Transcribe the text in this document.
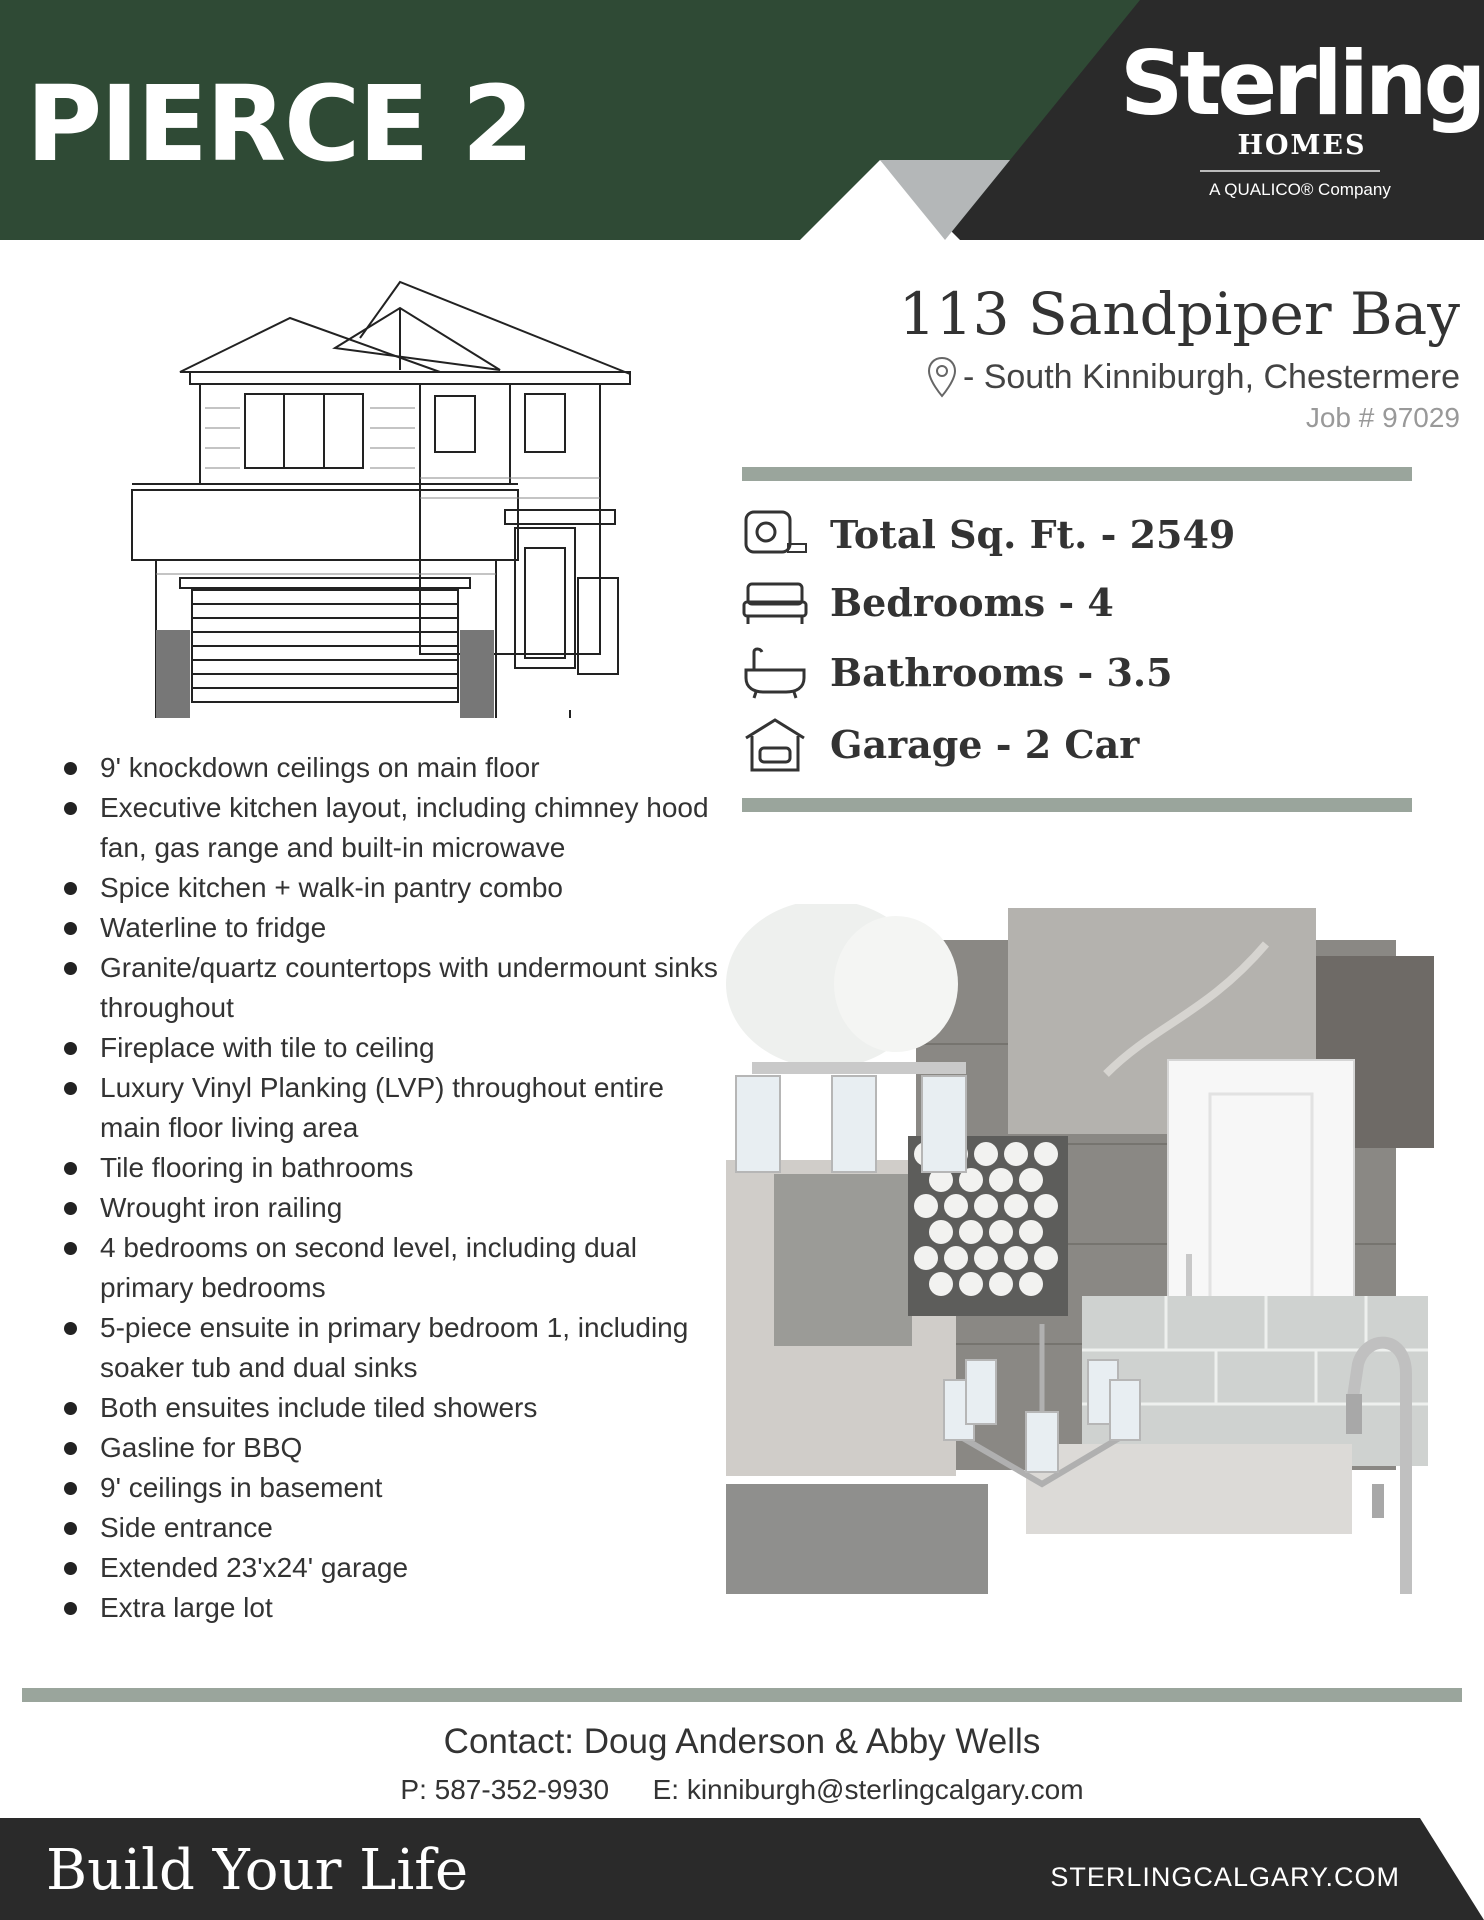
PIERCE 2	Sterling
HOMES
A QUALICO® Company
113 Sandpiper Bay
- South Kinniburgh, Chestermere
Job # 97029
Total Sq. Ft. - 2549
Bedrooms - 4
Bathrooms - 3.5
Garage - 2 Car
9' knockdown ceilings on main floor
Executive kitchen layout, including chimney hood fan, gas range and built-in microwave
Spice kitchen + walk-in pantry combo
Waterline to fridge
Granite/quartz countertops with undermount sinks throughout
Fireplace with tile to ceiling
Luxury Vinyl Planking (LVP) throughout entire main floor living area
Tile flooring in bathrooms
Wrought iron railing
4 bedrooms on second level, including dual primary bedrooms
5-piece ensuite in primary bedroom 1, including soaker tub and dual sinks
Both ensuites include tiled showers
Gasline for BBQ
9' ceilings in basement
Side entrance
Extended 23'x24' garage
Extra large lot
Contact: Doug Anderson & Abby Wells
P: 587-352-9930 E: kinniburgh@sterlingcalgary.com
Build Your Life	STERLINGCALGARY.COM
